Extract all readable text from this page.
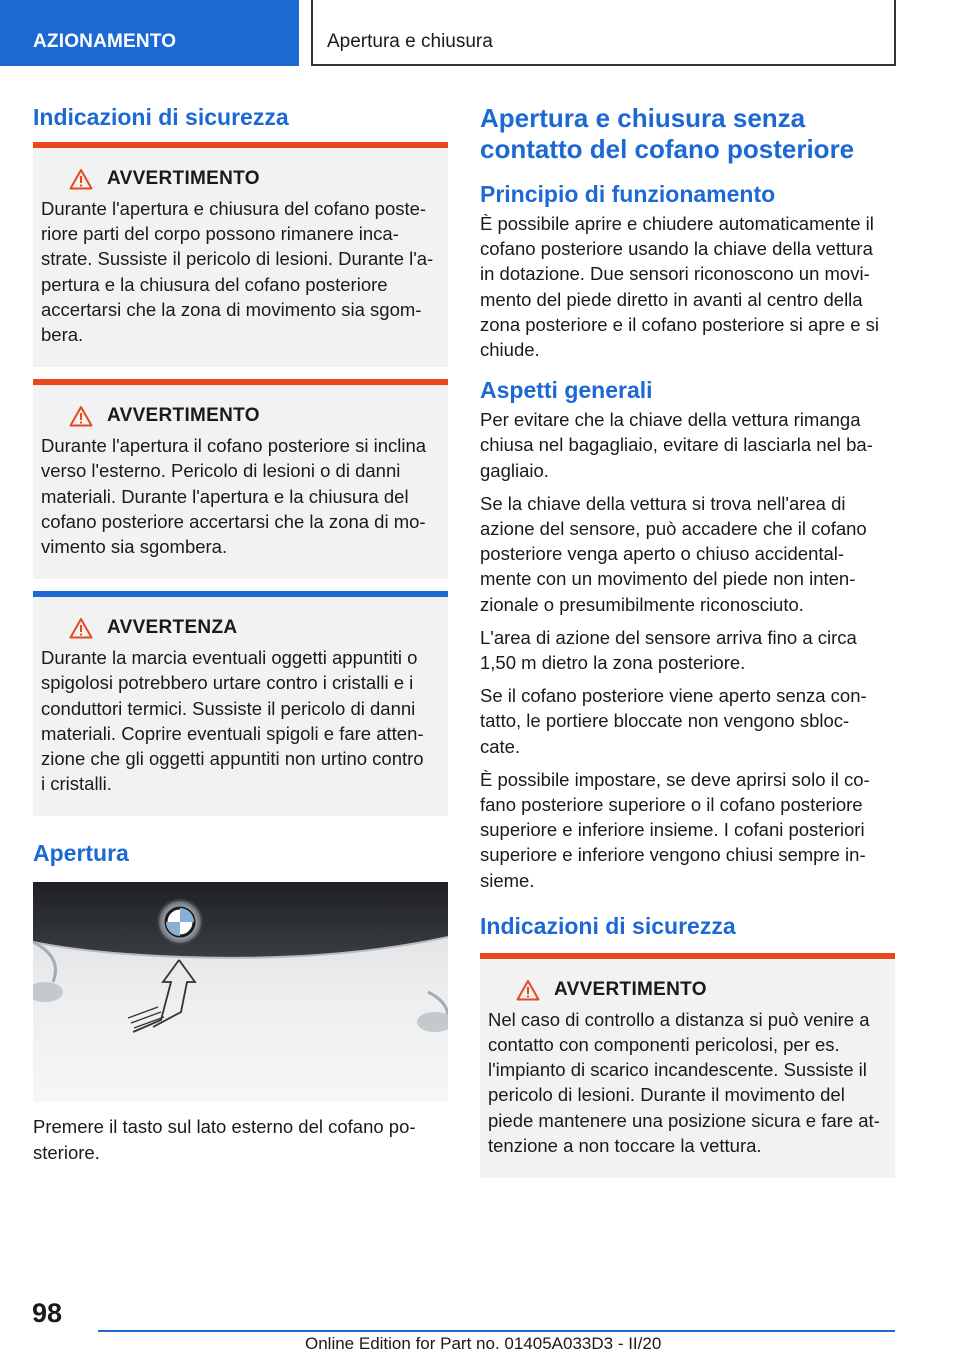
AZIONAMENTO	Apertura e chiusura
Indicazioni di sicurezza
AVVERTIMENTO
Durante l'apertura e chiusura del cofano poste-
riore parti del corpo possono rimanere inca-
strate. Sussiste il pericolo di lesioni. Durante l'a-
pertura e la chiusura del cofano posteriore
accertarsi che la zona di movimento sia sgom-
bera.
AVVERTIMENTO
Durante l'apertura il cofano posteriore si inclina
verso l'esterno. Pericolo di lesioni o di danni
materiali. Durante l'apertura e la chiusura del
cofano posteriore accertarsi che la zona di mo-
vimento sia sgombera.
AVVERTENZA
Durante la marcia eventuali oggetti appuntiti o
spigolosi potrebbero urtare contro i cristalli e i
conduttori termici. Sussiste il pericolo di danni
materiali. Coprire eventuali spigoli e fare atten-
zione che gli oggetti appuntiti non urtino contro
i cristalli.
Apertura
Premere il tasto sul lato esterno del cofano po-
steriore.
Apertura e chiusura senza
contatto del cofano posteriore
Principio di funzionamento
È possibile aprire e chiudere automaticamente il
cofano posteriore usando la chiave della vettura
in dotazione. Due sensori riconoscono un movi-
mento del piede diretto in avanti al centro della
zona posteriore e il cofano posteriore si apre e si
chiude.
Aspetti generali
Per evitare che la chiave della vettura rimanga
chiusa nel bagagliaio, evitare di lasciarla nel ba-
gagliaio.
Se la chiave della vettura si trova nell'area di
azione del sensore, può accadere che il cofano
posteriore venga aperto o chiuso accidental-
mente con un movimento del piede non inten-
zionale o presumibilmente riconosciuto.
L'area di azione del sensore arriva fino a circa
1,50 m dietro la zona posteriore.
Se il cofano posteriore viene aperto senza con-
tatto, le portiere bloccate non vengono sbloc-
cate.
È possibile impostare, se deve aprirsi solo il co-
fano posteriore superiore o il cofano posteriore
superiore e inferiore insieme. I cofani posteriori
superiore e inferiore vengono chiusi sempre in-
sieme.
Indicazioni di sicurezza
AVVERTIMENTO
Nel caso di controllo a distanza si può venire a
contatto con componenti pericolosi, per es.
l'impianto di scarico incandescente. Sussiste il
pericolo di lesioni. Durante il movimento del
piede mantenere una posizione sicura e fare at-
tenzione a non toccare la vettura.
98
Online Edition for Part no. 01405A033D3 - II/20
